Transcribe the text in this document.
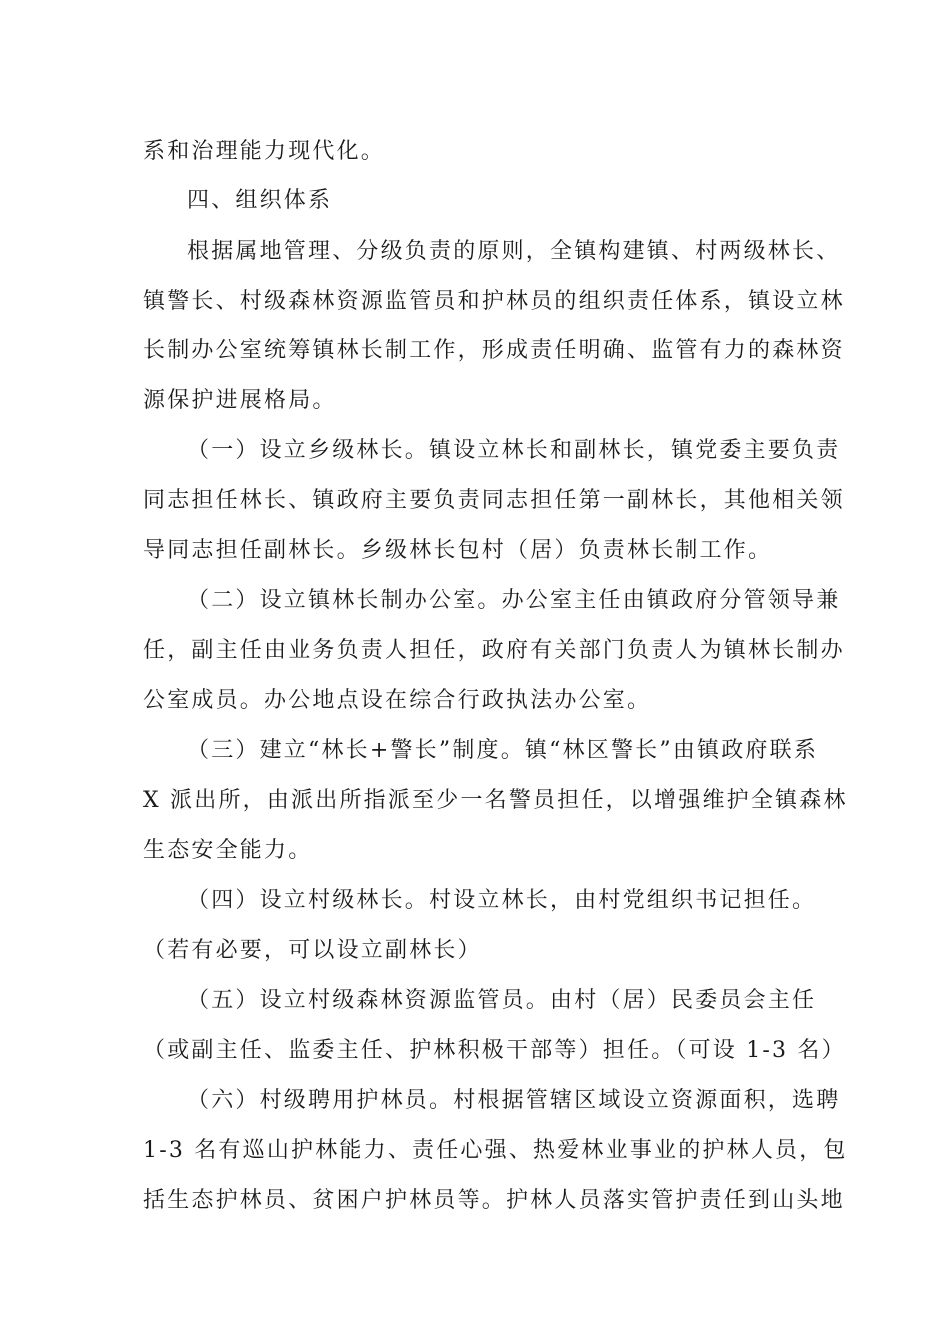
系和治理能力现代化。
四、组织体系
根据属地管理、分级负责的原则，全镇构建镇、村两级林长、
镇警长、村级森林资源监管员和护林员的组织责任体系，镇设立林
长制办公室统筹镇林长制工作，形成责任明确、监管有力的森林资
源保护进展格局。
（一）设立乡级林长。镇设立林长和副林长，镇党委主要负责
同志担任林长、镇政府主要负责同志担任第一副林长，其他相关领
导同志担任副林长。乡级林长包村（居）负责林长制工作。
（二）设立镇林长制办公室。办公室主任由镇政府分管领导兼
任，副主任由业务负责人担任，政府有关部门负责人为镇林长制办
公室成员。办公地点设在综合行政执法办公室。
（三）建立“林长+警长”制度。镇“林区警长”由镇政府联系
X 派出所，由派出所指派至少一名警员担任，以增强维护全镇森林
生态安全能力。
（四）设立村级林长。村设立林长，由村党组织书记担任。
（若有必要，可以设立副林长）
（五）设立村级森林资源监管员。由村（居）民委员会主任
（或副主任、监委主任、护林积极干部等）担任。（可设 1-3 名）
（六）村级聘用护林员。村根据管辖区域设立资源面积，选聘
1-3 名有巡山护林能力、责任心强、热爱林业事业的护林人员，包
括生态护林员、贫困户护林员等。护林人员落实管护责任到山头地
